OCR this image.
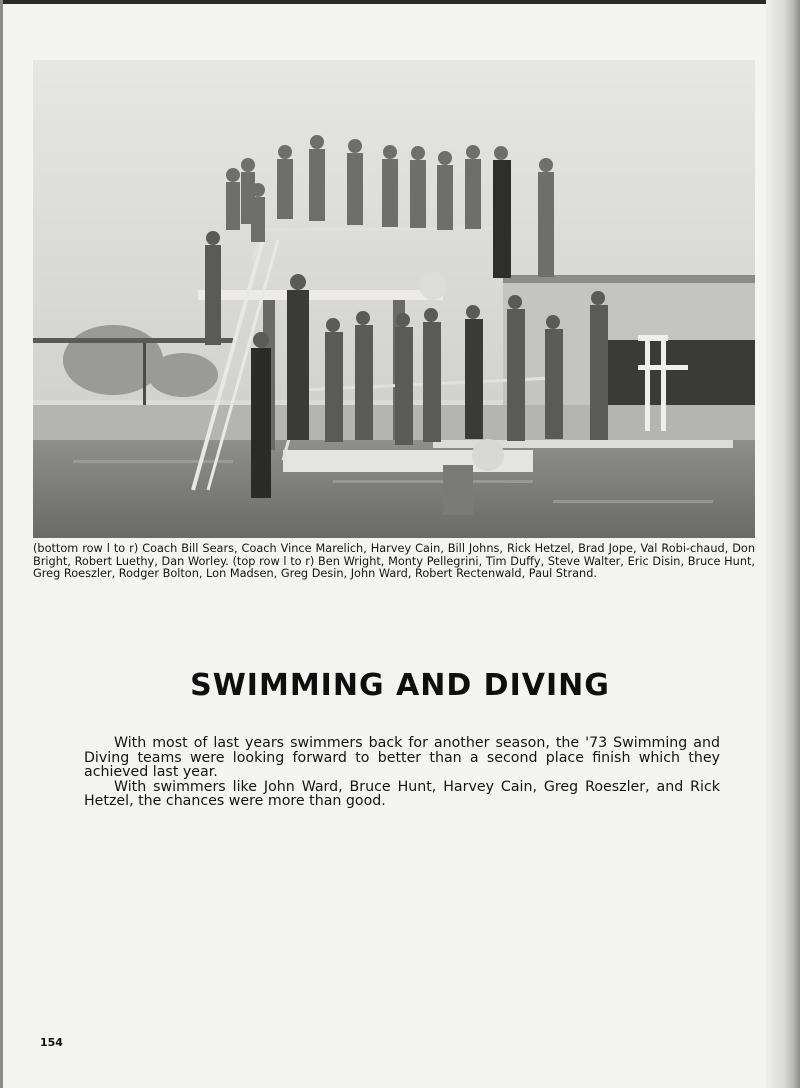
(bottom row l to r) Coach Bill Sears, Coach Vince Marelich, Harvey Cain, Bill Johns, Rick Hetzel, Brad Jope, Val Robi-chaud, Don Bright, Robert Luethy, Dan Worley. (top row l to r) Ben Wright, Monty Pellegrini, Tim Duffy, Steve Walter, Eric Disin, Bruce Hunt, Greg Roeszler, Rodger Bolton, Lon Madsen, Greg Desin, John Ward, Robert Rectenwald, Paul Strand.

SWIMMING AND DIVING

With most of last years swimmers back for another season, the '73 Swimming and Diving teams were looking forward to better than a second place finish which they achieved last year.

With swimmers like John Ward, Bruce Hunt, Harvey Cain, Greg Roeszler, and Rick Hetzel, the chances were more than good.

154
